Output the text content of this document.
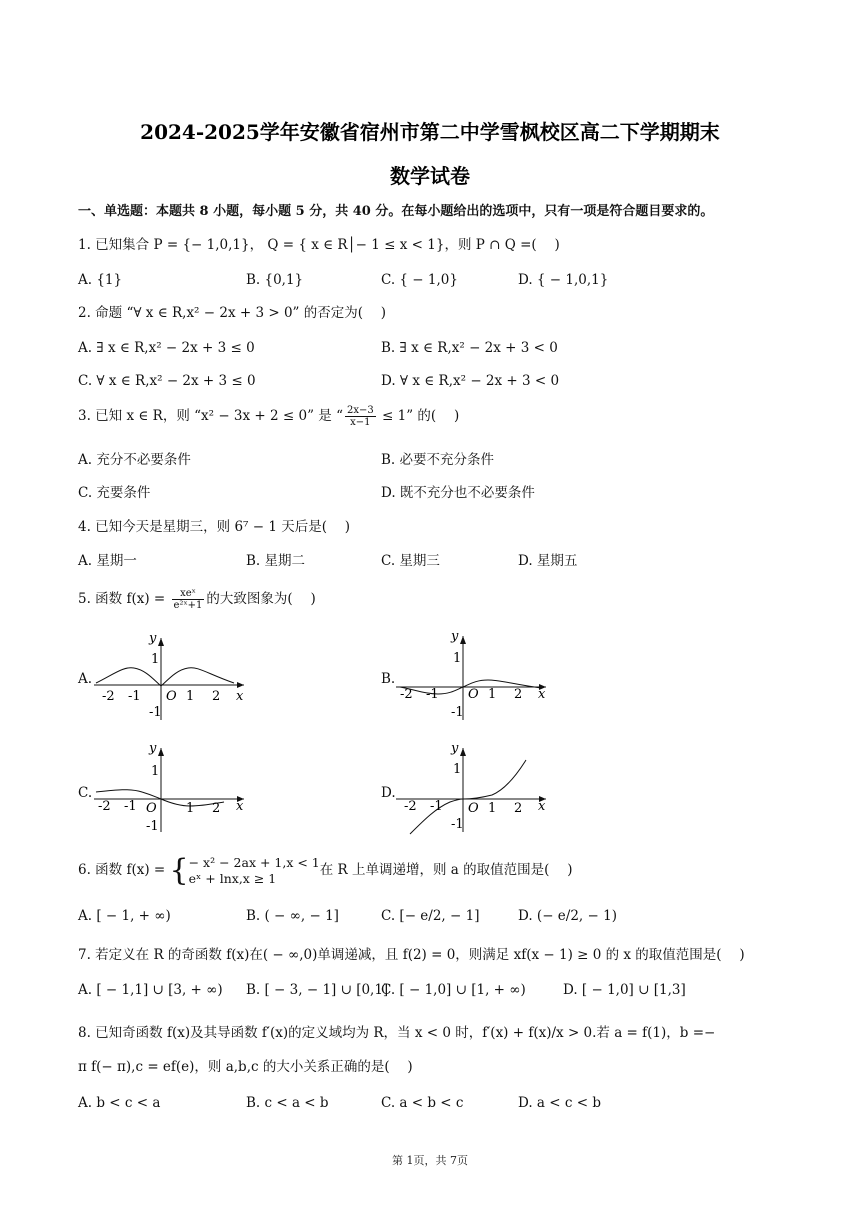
2024-2025学年安徽省宿州市第二中学雪枫校区高二下学期期末
数学试卷
一、单选题：本题共 8 小题，每小题 5 分，共 40 分。在每小题给出的选项中，只有一项是符合题目要求的。
1. 已知集合 P = {− 1,0,1}， Q = { x ∈ R│− 1 ≤ x < 1}，则 P ∩ Q =(　 )
A. {1}	B. {0,1}	C. { − 1,0}	D. { − 1,0,1}
2. 命题 “∀ x ∈ R,x² − 2x + 3 > 0” 的否定为(　 )
A. ∃ x ∈ R,x² − 2x + 3 ≤ 0	B. ∃ x ∈ R,x² − 2x + 3 < 0
C. ∀ x ∈ R,x² − 2x + 3 ≤ 0	D. ∀ x ∈ R,x² − 2x + 3 < 0
3. 已知 x ∈ R，则 “x² − 3x + 2 ≤ 0” 是 “ $\frac{2x-3}{x-1} \le 1$” 的(　 )
A. 充分不必要条件	B. 必要不充分条件
C. 充要条件	D. 既不充分也不必要条件
4. 已知今天是星期三，则 6⁷ − 1 天后是(　 )
A. 星期一	B. 星期二	C. 星期三	D. 星期五
5. 函数 $f(x) = \frac{\text{xeˣ}}{\text{e²ˣ+1}}$ 的大致图象为(　 )
A.
y
x
O
-2 -1	1 2
1
-1
B.
y
x
O
-2 -1	1 2
1
-1
C.
y
x
O
-2 -1	1 2
1
-1
D.
y
x
O
-2 -1	1 2
1
-1
6. 函数 f(x) = { − x² − 2ax + 1,x < 1
eˣ + lnx,x ≥ 1	在 R 上单调递增，则 a 的取值范围是(　 )
A. [ − 1, + ∞)	B. ( − ∞, − 1]	C. [− e/2, − 1]	D. (− e/2, − 1)
7. 若定义在 R 的奇函数 f(x)在( − ∞,0)单调递减，且 f(2) = 0，则满足 xf(x − 1) ≥ 0 的 x 的取值范围是(　 )
A. [ − 1,1] ∪ [3, + ∞) B. [ − 3, − 1] ∪ [0,1]
C. [ − 1,0] ∪ [1, + ∞)	D. [ − 1,0] ∪ [1,3]
8. 已知奇函数 f(x)及其导函数 f′(x)的定义域均为 R，当 x < 0 时，f′(x) + f(x)/x > 0.若 a = f(1)，b =−
π f(− π),c = ef(e)，则 a,b,c 的大小关系正确的是(　 )
A. b < c < a	B. c < a < b	C. a < b < c	D. a < c < b
第 1页，共 7页
